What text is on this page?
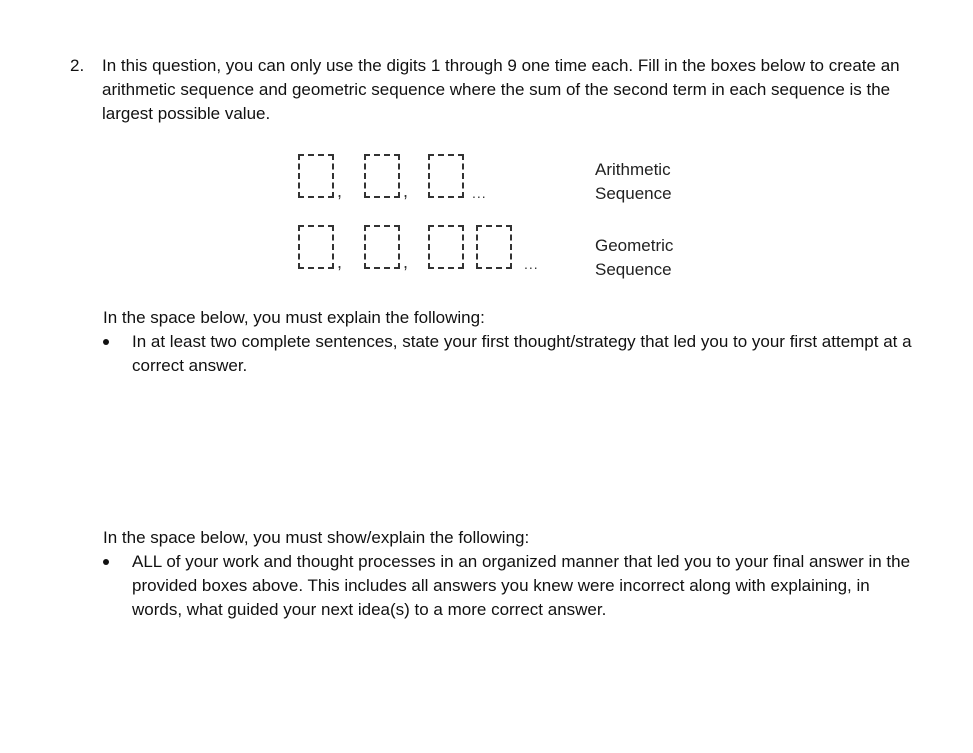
2. In this question, you can only use the digits 1 through 9 one time each. Fill in the boxes below to create an arithmetic sequence and geometric sequence where the sum of the second term in each sequence is the largest possible value.
,	,	...
,	,	...
Arithmetic
Sequence
Geometric
Sequence
In the space below, you must explain the following:
In at least two complete sentences, state your first thought/strategy that led you to your first attempt at a correct answer.
In the space below, you must show/explain the following:
ALL of your work and thought processes in an organized manner that led you to your final answer in the provided boxes above. This includes all answers you knew were incorrect along with explaining, in words, what guided your next idea(s) to a more correct answer.
